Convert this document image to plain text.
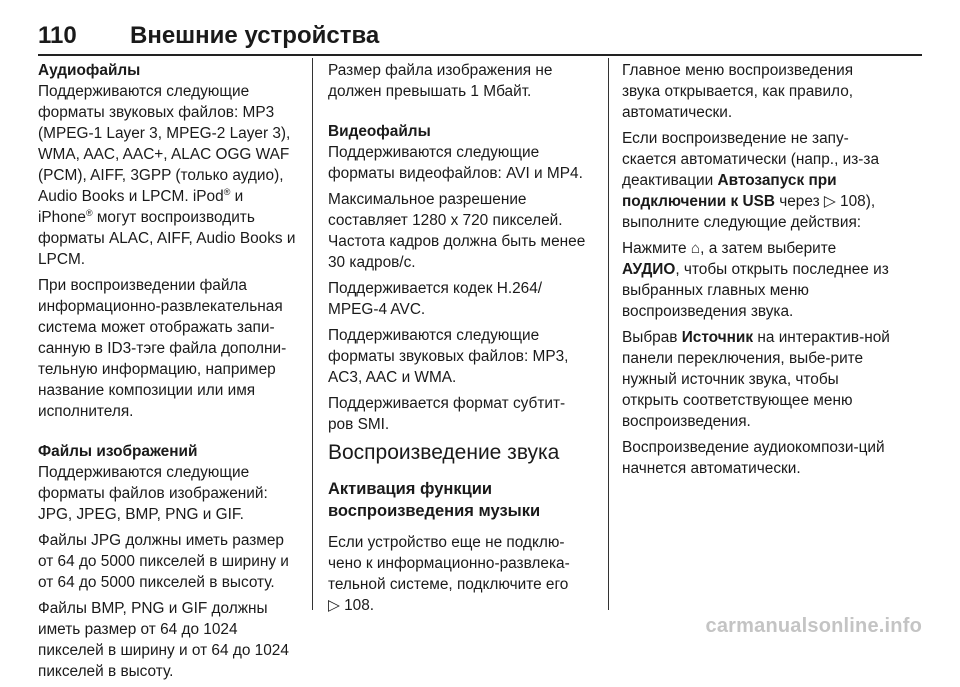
110 Внешние устройства
Аудиофайлы
Поддерживаются следующие форматы звуковых файлов: MP3 (MPEG-1 Layer 3, MPEG-2 Layer 3), WMA, AAC, AAC+, ALAC OGG WAF (PCM), AIFF, 3GPP (только аудио), Audio Books и LPCM. iPod® и iPhone® могут воспроизводить форматы ALAC, AIFF, Audio Books и LPCM.
При воспроизведении файла информационно-развлекательная система может отображать запи-санную в ID3-тэге файла дополни-тельную информацию, например название композиции или имя исполнителя.
Файлы изображений
Поддерживаются следующие форматы файлов изображений: JPG, JPEG, BMP, PNG и GIF.
Файлы JPG должны иметь размер от 64 до 5000 пикселей в ширину и от 64 до 5000 пикселей в высоту.
Файлы BMP, PNG и GIF должны иметь размер от 64 до 1024 пикселей в ширину и от 64 до 1024 пикселей в высоту.
Размер файла изображения не должен превышать 1 Мбайт.
Видеофайлы
Поддерживаются следующие форматы видеофайлов: AVI и MP4.
Максимальное разрешение составляет 1280 x 720 пикселей. Частота кадров должна быть менее 30 кадров/с.
Поддерживается кодек H.264/ MPEG-4 AVC.
Поддерживаются следующие форматы звуковых файлов: MP3, AC3, AAC и WMA.
Поддерживается формат субтит-ров SMI.
Воспроизведение звука
Активация функции воспроизведения музыки
Если устройство еще не подклю-чено к информационно-развлека-тельной системе, подключите его
▷ 108.
Главное меню воспроизведения звука открывается, как правило, автоматически.
Если воспроизведение не запу-скается автоматически (напр., из-за деактивации Автозапуск при подключении к USB через ▷ 108), выполните следующие действия:
Нажмите ⌂, а затем выберите АУДИО, чтобы открыть последнее из выбранных главных меню воспроизведения звука.
Выбрав Источник на интерактив-ной панели переключения, выбе-рите нужный источник звука, чтобы открыть соответствующее меню воспроизведения.
Воспроизведение аудиокомпози-ций начнется автоматически.
carmanualsonline.info
